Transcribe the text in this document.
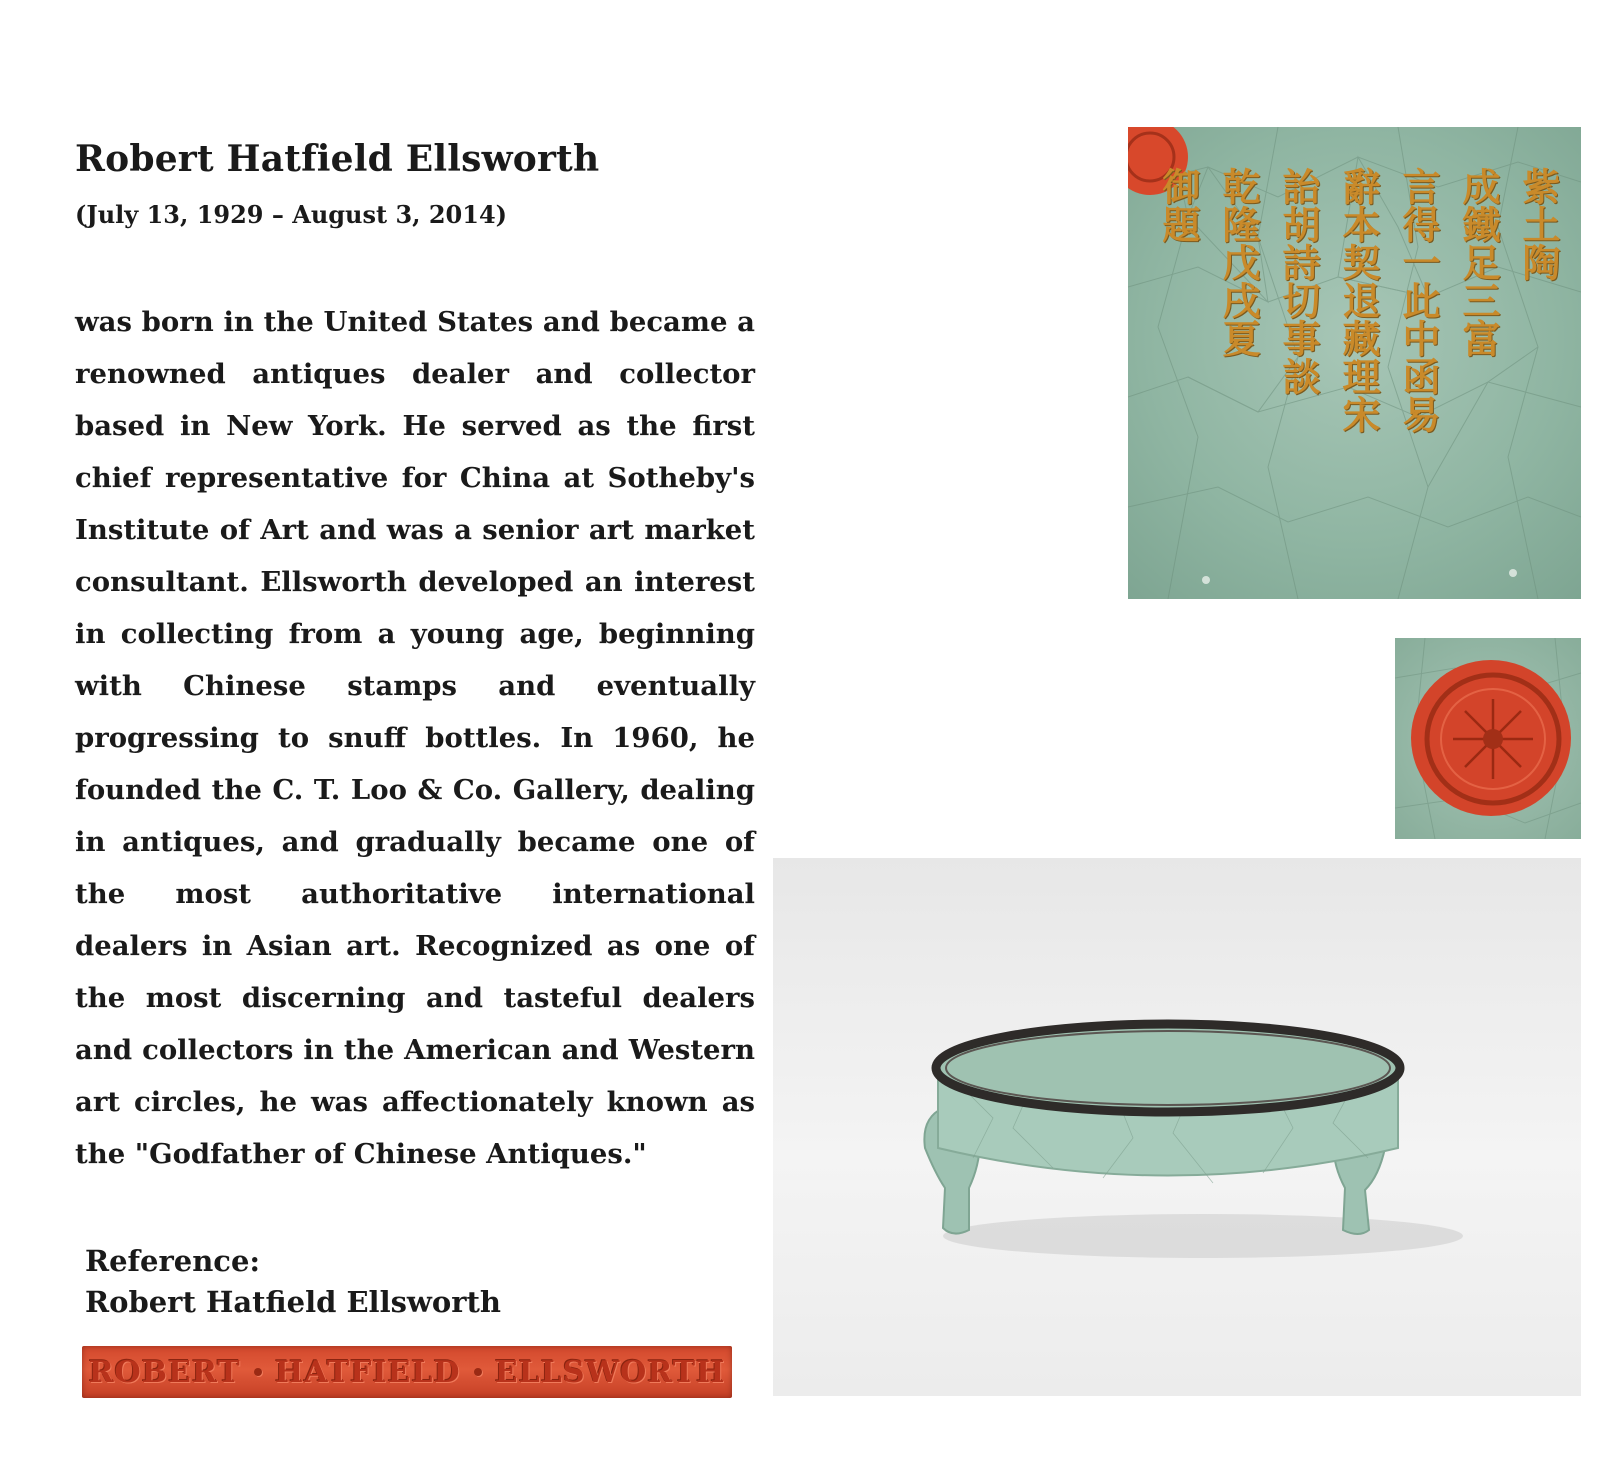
Robert Hatfield Ellsworth

(July 13, 1929 – August 3, 2014)

was born in the United States and became a renowned antiques dealer and collector based in New York. He served as the first chief representative for China at Sotheby's Institute of Art and was a senior art market consultant. Ellsworth developed an interest in collecting from a young age, beginning with Chinese stamps and eventually progressing to snuff bottles. In 1960, he founded the C. T. Loo & Co. Gallery, dealing in antiques, and gradually became one of the most authoritative international dealers in Asian art. Recognized as one of the most discerning and tasteful dealers and collectors in the American and Western art circles, he was affectionately known as the "Godfather of Chinese Antiques."

Reference:
Robert Hatfield Ellsworth
ROBERT HATFIELD ELLSWORTH
紫土陶
成鐵足三富
言得一此中函易
辭本契退藏理宋
詒胡詩切事談
乾隆戊戌夏
御題
